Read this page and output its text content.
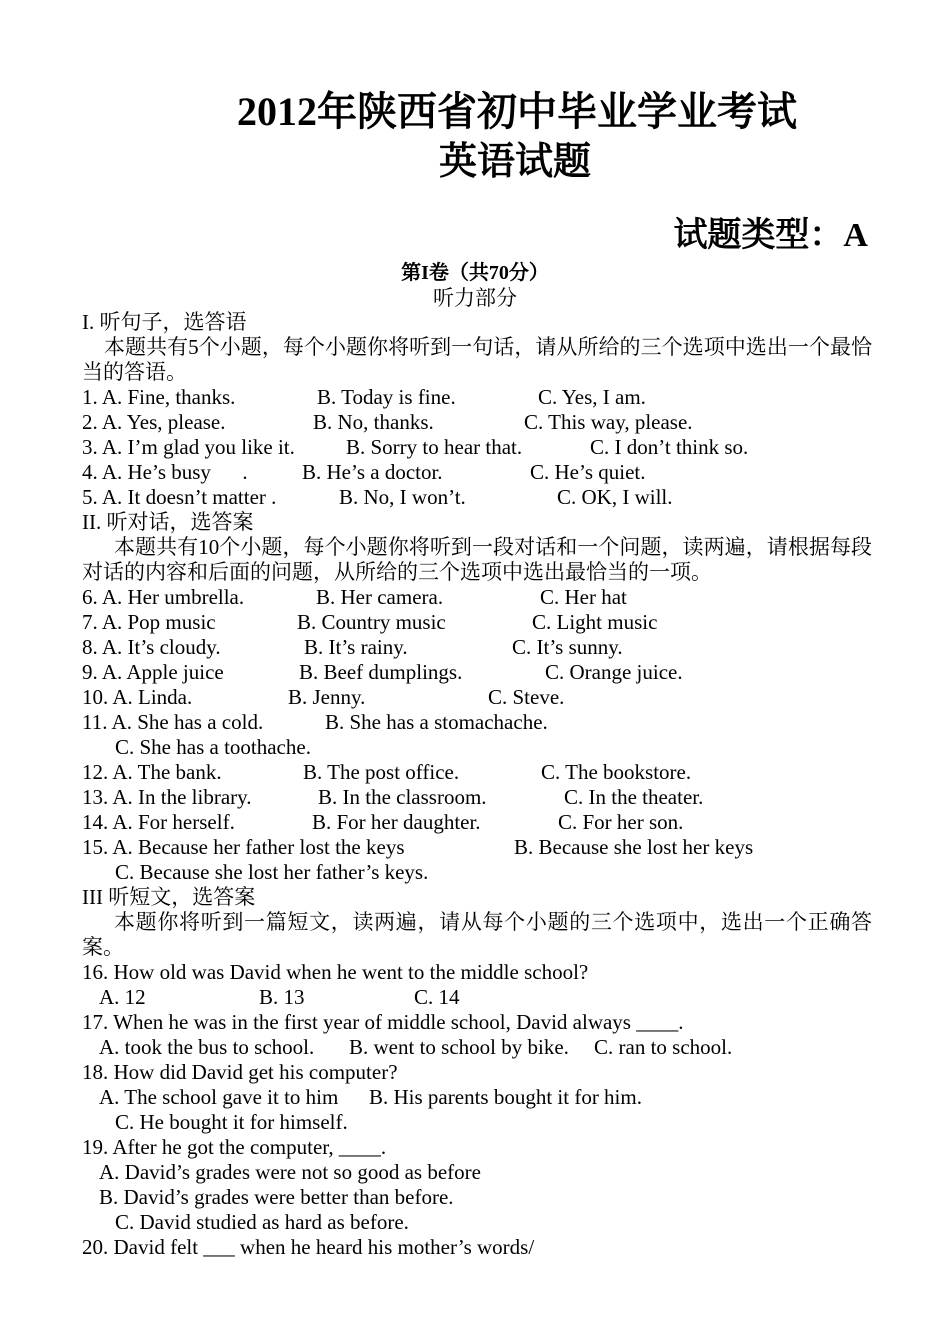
2012年陕西省初中毕业学业考试
英语试题
试题类型：A
第I卷（共70分）
听力部分
I. 听句子，选答语
本题共有5个小题，每个小题你将听到一句话，请从所给的三个选项中选出一个最恰当的答语。
1. A. Fine, thanks.	B. Today is fine.	C. Yes, I am.
2. A. Yes, please.	B. No, thanks.	C. This way, please.
3. A. I’m glad you like it. B. Sorry to hear that.	C. I don’t think so.
4. A. He’s busy      .	B. He’s a doctor.	C. He’s quiet.
5. A. It doesn’t matter .	B. No, I won’t.	C. OK, I will.
II. 听对话，选答案
本题共有10个小题，每个小题你将听到一段对话和一个问题，读两遍，请根据每段对话的内容和后面的问题，从所给的三个选项中选出最恰当的一项。
6. A. Her umbrella.	B. Her camera.	C. Her hat
7. A. Pop music	B. Country music	C. Light music
8. A. It’s cloudy.	B. It’s rainy.	C. It’s sunny.
9. A. Apple juice	B. Beef dumplings.	C. Orange juice.
10. A. Linda.	B. Jenny.	C. Steve.
11. A. She has a cold.	B. She has a stomachache.
C. She has a toothache.
12. A. The bank.	B. The post office.	C. The bookstore.
13. A. In the library.	B. In the classroom.	C. In the theater.
14. A. For herself.	B. For her daughter.	C. For her son.
15. A. Because her father lost the keys	B. Because she lost her keys
C. Because she lost her father’s keys.
III 听短文，选答案
本题你将听到一篇短文，读两遍，请从每个小题的三个选项中，选出一个正确答案。
16. How old was David when he went to the middle school?
A. 12	B. 13	C. 14
17. When he was in the first year of middle school, David always ____.
A. took the bus to school. B. went to school by bike. C. ran to school.
18. How did David get his computer?
A. The school gave it to him B. His parents bought it for him.
C. He bought it for himself.
19. After he got the computer, ____.
A. David’s grades were not so good as before
B. David’s grades were better than before.
C. David studied as hard as before.
20. David felt ___ when he heard his mother’s words/
